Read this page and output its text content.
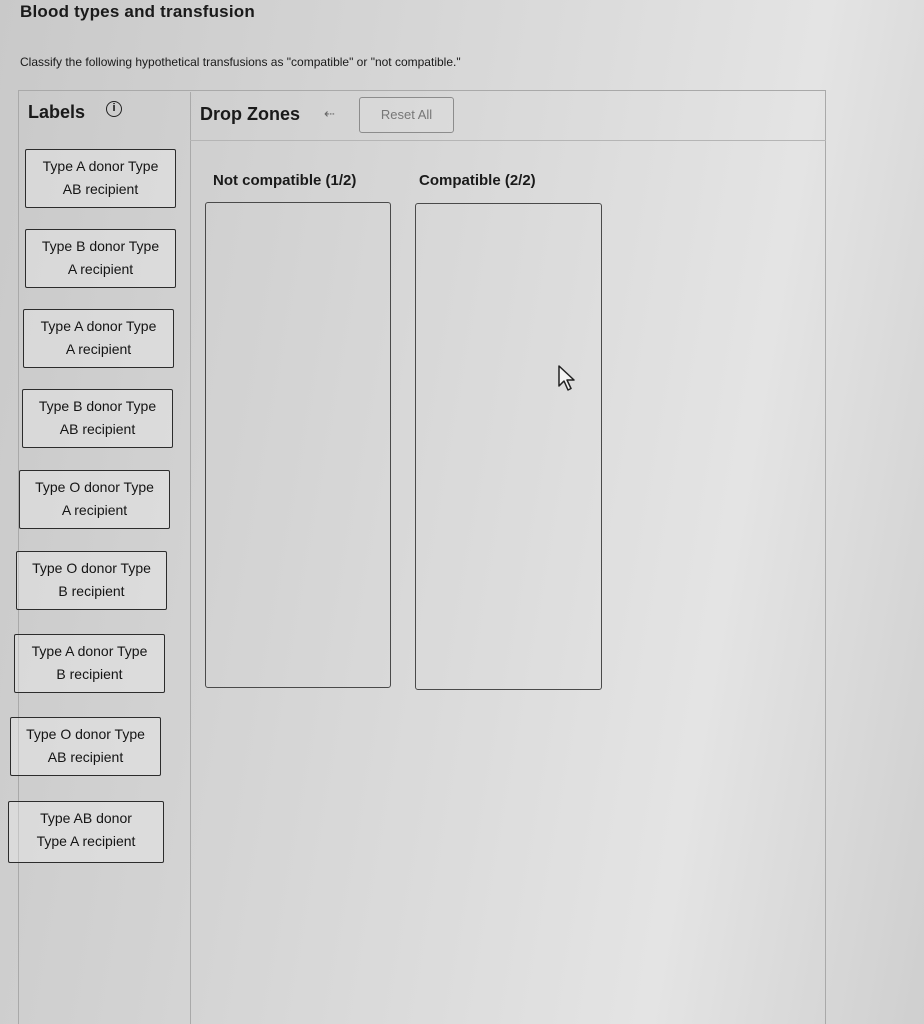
Blood types and transfusion
Classify the following hypothetical transfusions as "compatible" or "not compatible."
Labels	i	Drop Zones ⇠	Reset All
Type A donor Type
AB recipient
Type B donor Type
A recipient
Type A donor Type
A recipient
Type B donor Type
AB recipient
Type O donor Type
A recipient
Type O donor Type
B recipient
Type A donor Type
B recipient
Type O donor Type
AB recipient
Type AB donor
Type A recipient
Not compatible (1/2)	Compatible (2/2)
